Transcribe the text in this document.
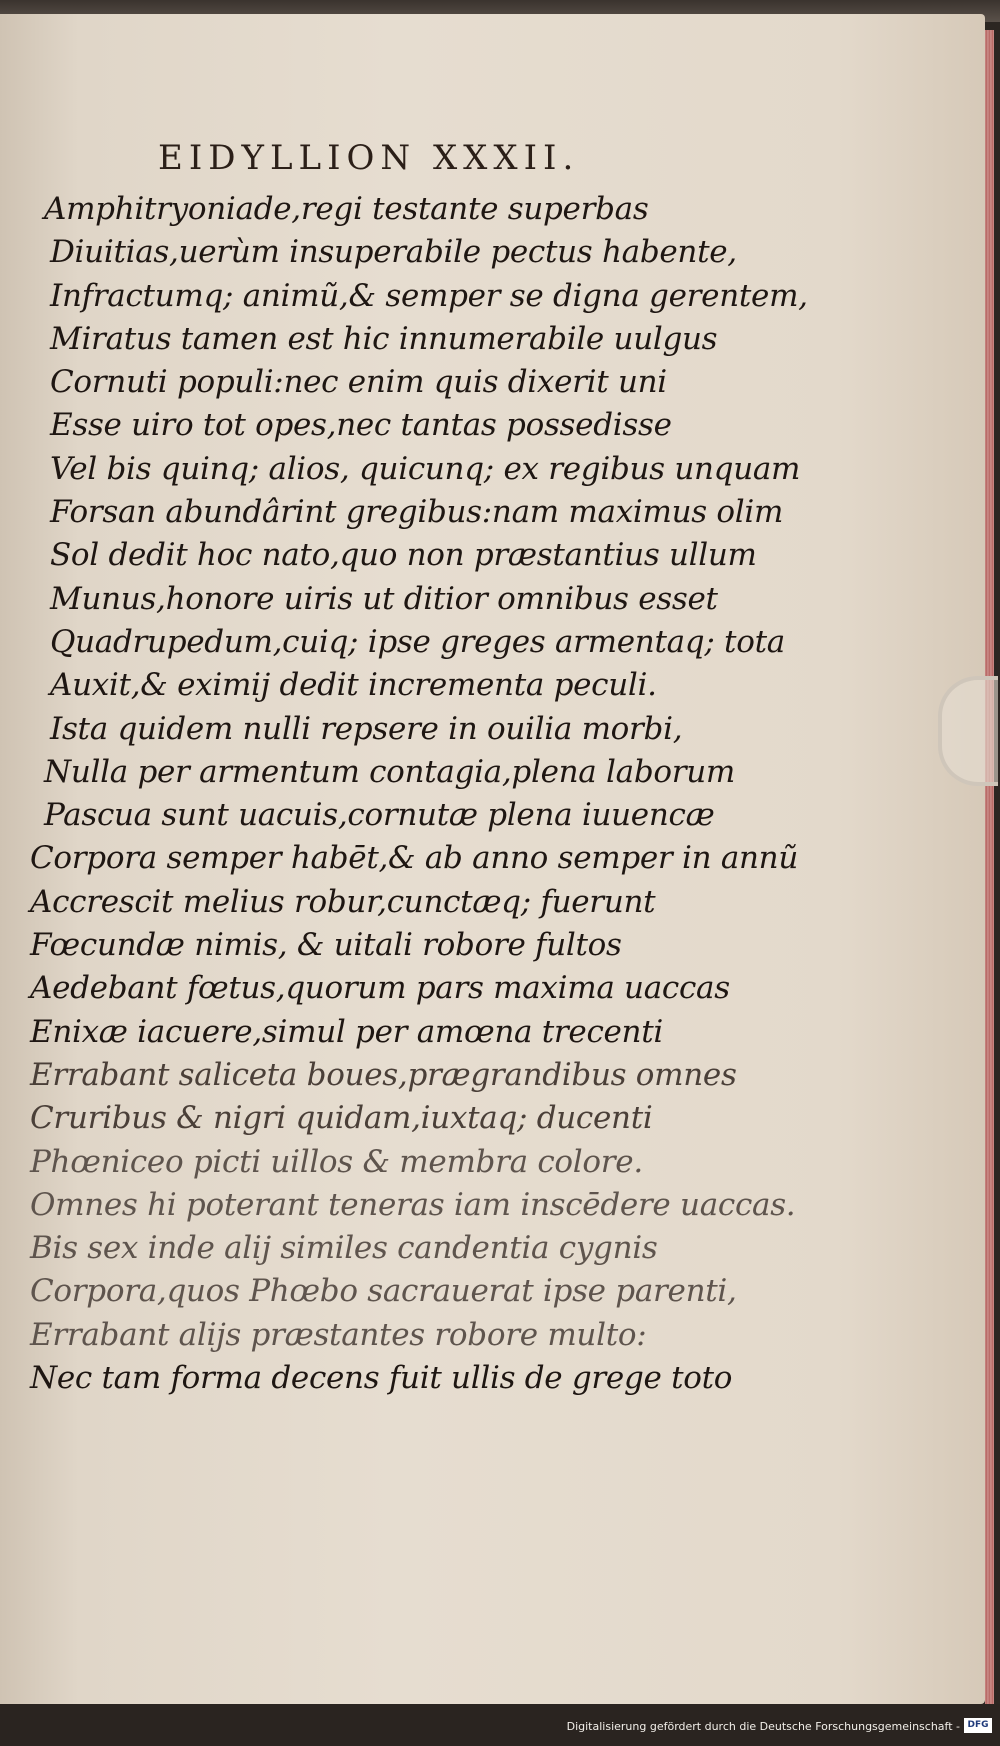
EIDYLLION XXXII.
Amphitryoniade,regi testante superbas
Diuitias,uerùm insuperabile pectus habente,
Infractumq; animũ,& semper se digna gerentem,
Miratus tamen est hic innumerabile uulgus
Cornuti populi:nec enim quis dixerit uni
Esse uiro tot opes,nec tantas possedisse
Vel bis quinq; alios, quicunq; ex regibus unquam
Forsan abundârint gregibus:nam maximus olim
Sol dedit hoc nato,quo non præstantius ullum
Munus,honore uiris ut ditior omnibus esset
Quadrupedum,cuiq; ipse greges armentaq; tota
Auxit,& eximij dedit incrementa peculi.
Ista quidem nulli repsere in ouilia morbi,
Nulla per armentum contagia,plena laborum
Pascua sunt uacuis,cornutæ plena iuuencæ
Corpora semper habēt,& ab anno semper in annũ
Accrescit melius robur,cunctæq; fuerunt
Fœcundæ nimis, & uitali robore fultos
Aedebant fœtus,quorum pars maxima uaccas
Enixæ iacuere,simul per amœna trecenti
Errabant saliceta boues,prægrandibus omnes
Cruribus & nigri quidam,iuxtaq; ducenti
Phœniceo picti uillos & membra colore.
Omnes hi poterant teneras iam inscēdere uaccas.
Bis sex inde alij similes candentia cygnis
Corpora,quos Phœbo sacrauerat ipse parenti,
Errabant alijs præstantes robore multo:
Nec tam forma decens fuit ullis de grege toto
Digitalisierung gefördert durch die Deutsche Forschungsgemeinschaft - DFG
